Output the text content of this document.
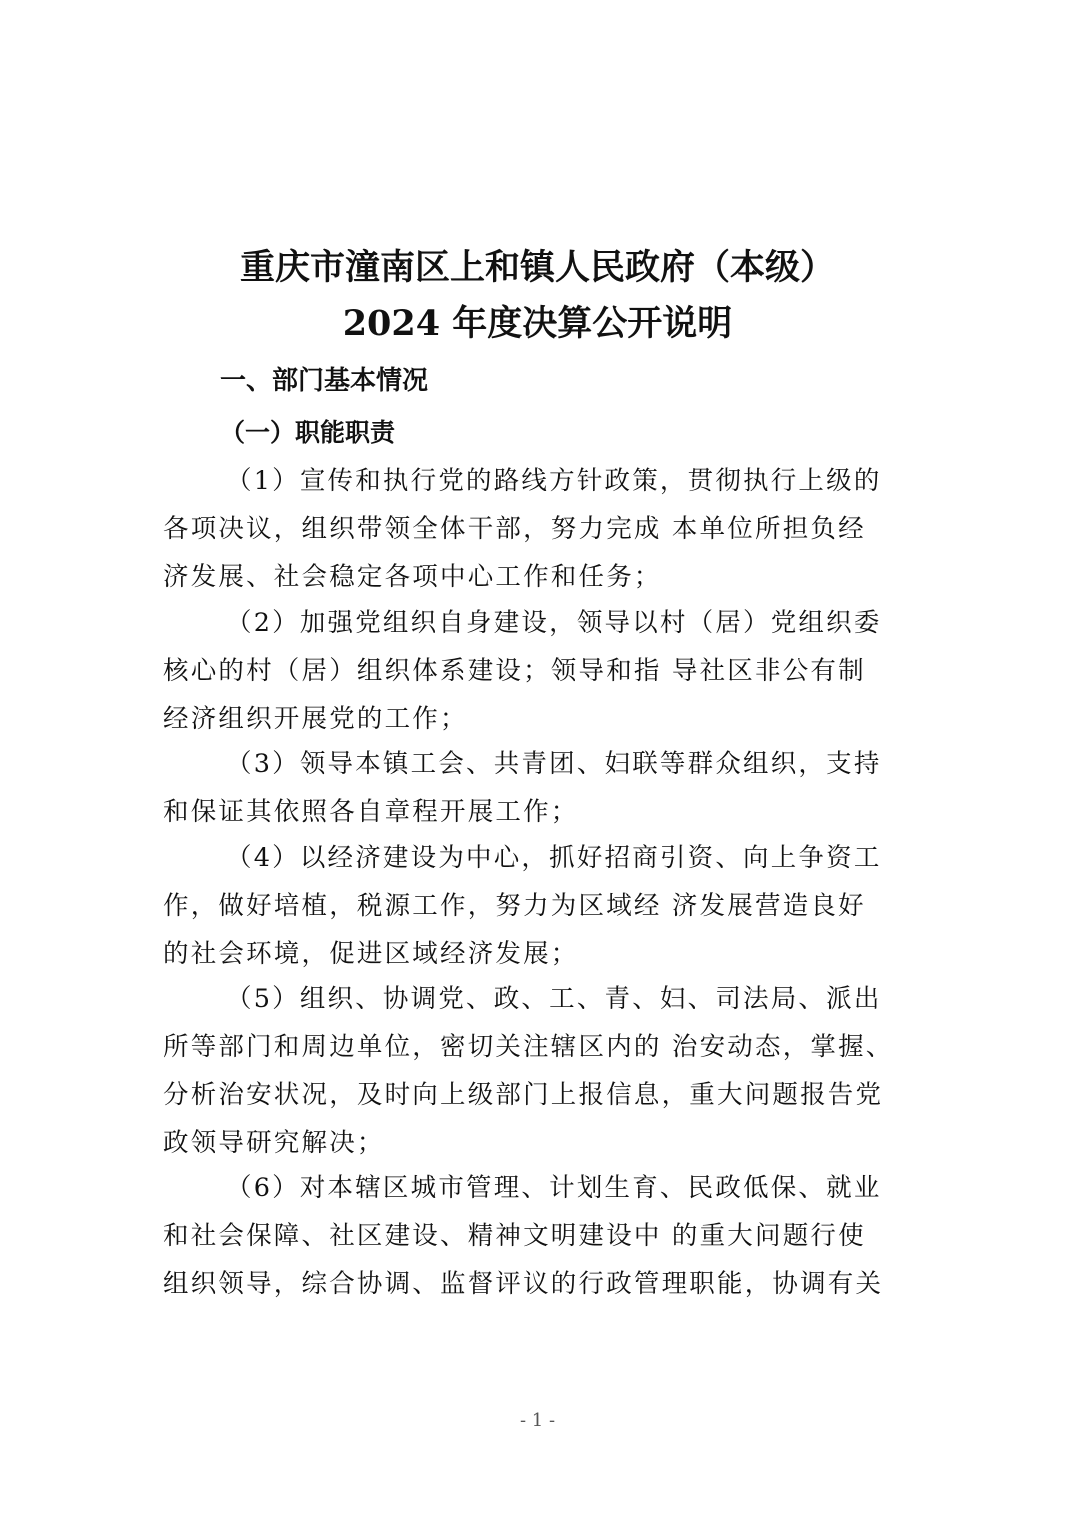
重庆市潼南区上和镇人民政府（本级）
2024 年度决算公开说明
一、部门基本情况
（一）职能职责
（1）宣传和执行党的路线方针政策，贯彻执行上级的
各项决议，组织带领全体干部，努力完成 本单位所担负经
济发展、社会稳定各项中心工作和任务；
（2）加强党组织自身建设，领导以村（居）党组织委
核心的村（居）组织体系建设；领导和指 导社区非公有制
经济组织开展党的工作；
（3）领导本镇工会、共青团、妇联等群众组织，支持
和保证其依照各自章程开展工作；
（4）以经济建设为中心，抓好招商引资、向上争资工
作，做好培植，税源工作，努力为区域经 济发展营造良好
的社会环境，促进区域经济发展；
（5）组织、协调党、政、工、青、妇、司法局、派出
所等部门和周边单位，密切关注辖区内的 治安动态，掌握、
分析治安状况，及时向上级部门上报信息，重大问题报告党
政领导研究解决；
（6）对本辖区城市管理、计划生育、民政低保、就业
和社会保障、社区建设、精神文明建设中 的重大问题行使
组织领导，综合协调、监督评议的行政管理职能，协调有关
- 1 -
